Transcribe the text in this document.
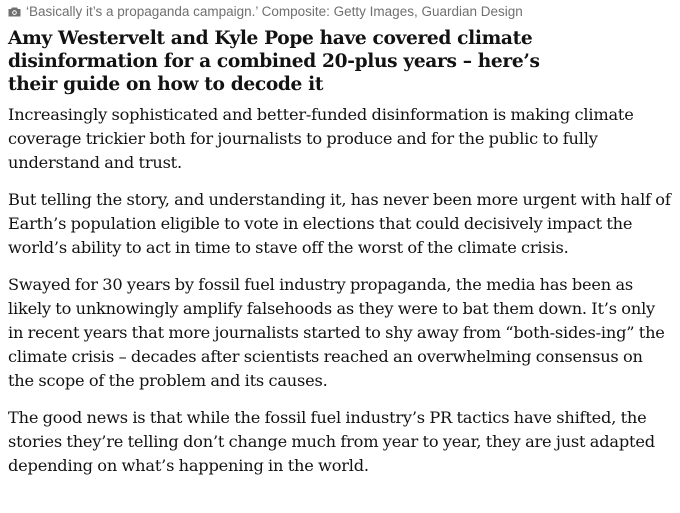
‘Basically it’s a propaganda campaign.’ Composite: Getty Images, Guardian Design
Amy Westervelt and Kyle Pope have covered climate disinformation for a combined 20-plus years – here’s their guide on how to decode it

Increasingly sophisticated and better-funded disinformation is making climate coverage trickier both for journalists to produce and for the public to fully understand and trust.

But telling the story, and understanding it, has never been more urgent with half of Earth’s population eligible to vote in elections that could decisively impact the world’s ability to act in time to stave off the worst of the climate crisis.

Swayed for 30 years by fossil fuel industry propaganda, the media has been as likely to unknowingly amplify falsehoods as they were to bat them down. It’s only in recent years that more journalists started to shy away from “both-sides-ing” the climate crisis – decades after scientists reached an overwhelming consensus on the scope of the problem and its causes.

The good news is that while the fossil fuel industry’s PR tactics have shifted, the stories they’re telling don’t change much from year to year, they are just adapted depending on what’s happening in the world.
